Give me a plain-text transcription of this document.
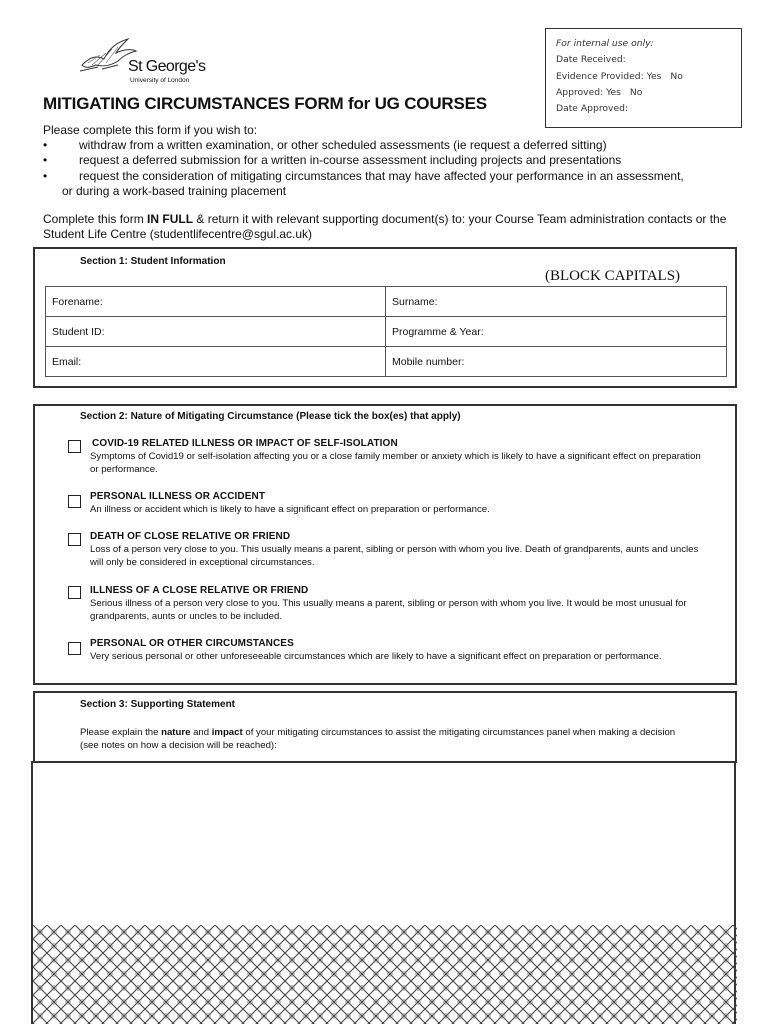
St George's
University of London
For internal use only:
Date Received:
Evidence Provided: Yes No
Approved: Yes No
Date Approved:
MITIGATING CIRCUMSTANCES FORM for UG COURSES
Please complete this form if you wish to:
• withdraw from a written examination, or other scheduled assessments (ie request a deferred sitting)
• request a deferred submission for a written in-course assessment including projects and presentations
• request the consideration of mitigating circumstances that may have affected your performance in an assessment,
or during a work-based training placement
Complete this form IN FULL & return it with relevant supporting document(s) to: your Course Team administration contacts or the Student Life Centre (studentlifecentre@sgul.ac.uk)
Section 1: Student Information
(BLOCK CAPITALS)
Forename:	Surname:
Student ID:	Programme & Year:
Email:	Mobile number:
Section 2: Nature of Mitigating Circumstance (Please tick the box(es) that apply)
COVID-19 RELATED ILLNESS OR IMPACT OF SELF-ISOLATION
Symptoms of Covid19 or self-isolation affecting you or a close family member or anxiety which is likely to have a significant effect on preparation or performance.
PERSONAL ILLNESS OR ACCIDENT
An illness or accident which is likely to have a significant effect on preparation or performance.
DEATH OF CLOSE RELATIVE OR FRIEND
Loss of a person very close to you. This usually means a parent, sibling or person with whom you live. Death of grandparents, aunts and uncles will only be considered in exceptional circumstances.
ILLNESS OF A CLOSE RELATIVE OR FRIEND
Serious illness of a person very close to you. This usually means a parent, sibling or person with whom you live. It would be most unusual for grandparents, aunts or uncles to be included.
PERSONAL OR OTHER CIRCUMSTANCES
Very serious personal or other unforeseeable circumstances which are likely to have a significant effect on preparation or performance.
Section 3: Supporting Statement
Please explain the nature and impact of your mitigating circumstances to assist the mitigating circumstances panel when making a decision (see notes on how a decision will be reached):
